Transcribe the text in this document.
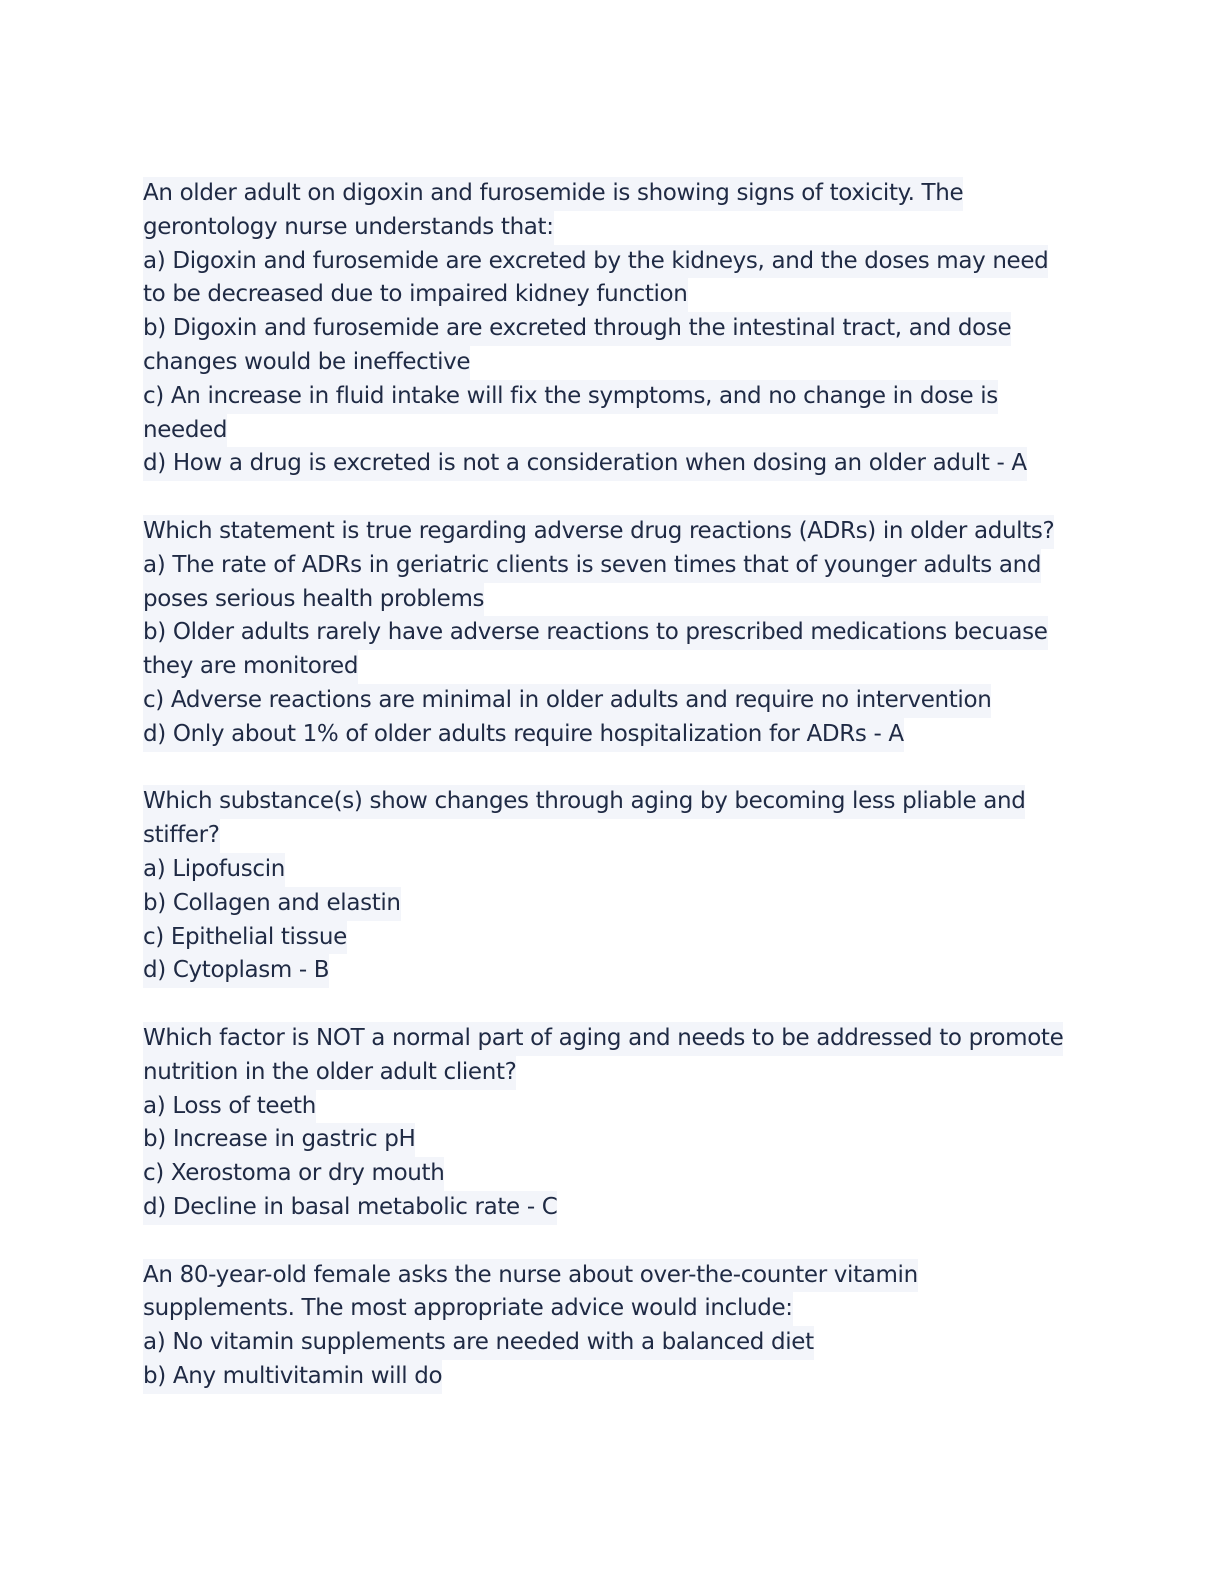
An older adult on digoxin and furosemide is showing signs of toxicity. The
gerontology nurse understands that:
a) Digoxin and furosemide are excreted by the kidneys, and the doses may need
to be decreased due to impaired kidney function
b) Digoxin and furosemide are excreted through the intestinal tract, and dose
changes would be ineffective
c) An increase in fluid intake will fix the symptoms, and no change in dose is
needed
d) How a drug is excreted is not a consideration when dosing an older adult - A
Which statement is true regarding adverse drug reactions (ADRs) in older adults?
a) The rate of ADRs in geriatric clients is seven times that of younger adults and
poses serious health problems
b) Older adults rarely have adverse reactions to prescribed medications becuase
they are monitored
c) Adverse reactions are minimal in older adults and require no intervention
d) Only about 1% of older adults require hospitalization for ADRs - A
Which substance(s) show changes through aging by becoming less pliable and
stiffer?
a) Lipofuscin
b) Collagen and elastin
c) Epithelial tissue
d) Cytoplasm - B
Which factor is NOT a normal part of aging and needs to be addressed to promote
nutrition in the older adult client?
a) Loss of teeth
b) Increase in gastric pH
c) Xerostoma or dry mouth
d) Decline in basal metabolic rate - C
An 80-year-old female asks the nurse about over-the-counter vitamin
supplements. The most appropriate advice would include:
a) No vitamin supplements are needed with a balanced diet
b) Any multivitamin will do
